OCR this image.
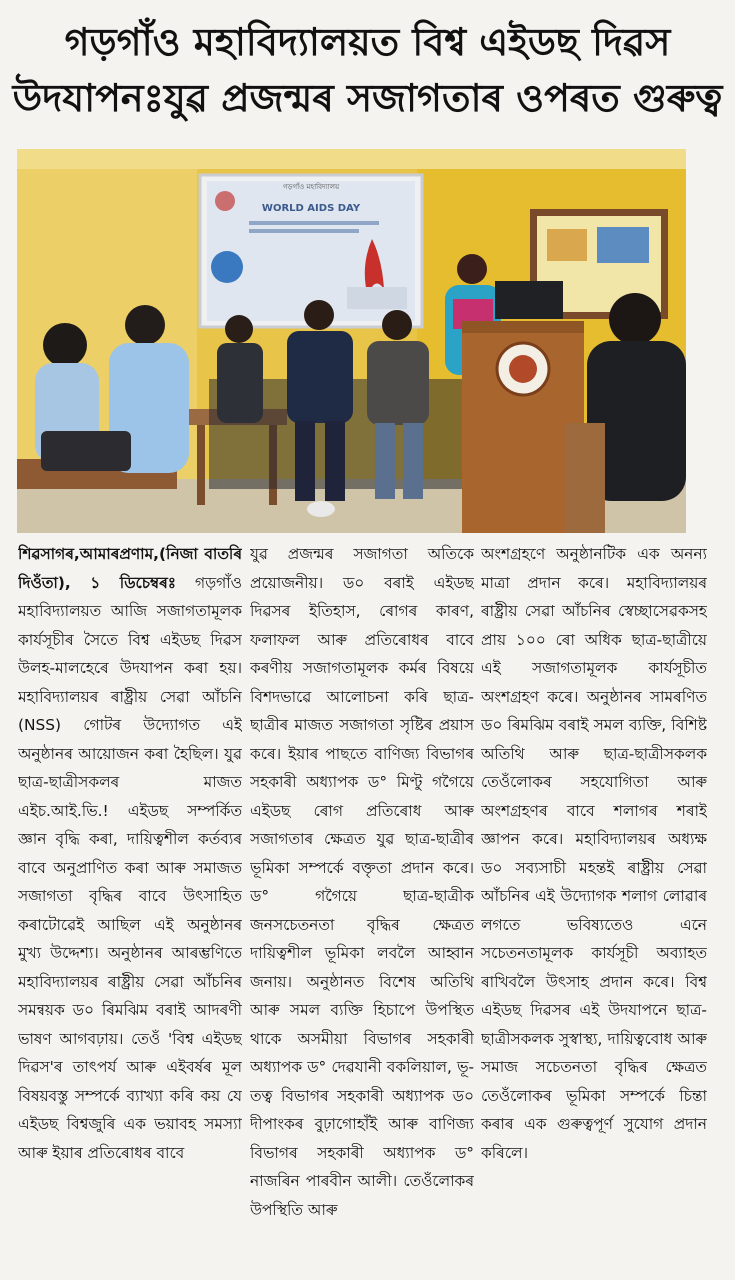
গড়গাঁও মহাবিদ্যালয়ত বিশ্ব এইডছ দিৱস
উদযাপনঃযুৱ প্ৰজন্মৰ সজাগতাৰ ওপৰত গুৰুত্ব
WORLD AIDS DAY
গড়গাঁও মহাবিদ্যালয়

শিৱসাগৰ,আমাৰপ্ৰণাম,(নিজা বাতৰি দিওঁতা), ১ ডিচেম্বৰঃ গড়গাঁও মহাবিদ্যালয়ত আজি সজাগতামূলক কাৰ্যসূচীৰ সৈতে বিশ্ব এইডছ দিৱস উলহ-মালহেৰে উদযাপন কৰা হয়। মহাবিদ্যালয়ৰ ৰাষ্ট্ৰীয় সেৱা আঁচনি (NSS) গোটৰ উদ্যোগত এই অনুষ্ঠানৰ আয়োজন কৰা হৈছিল। যুৱ ছাত্ৰ-ছাত্ৰীসকলৰ মাজত এইচ.আই.ভি.! এইডছ সম্পৰ্কিত জ্ঞান বৃদ্ধি কৰা, দায়িত্বশীল কৰ্তব্যৰ বাবে অনুপ্ৰাণিত কৰা আৰু সমাজত সজাগতা বৃদ্ধিৰ বাবে উৎসাহিত কৰাটোৱেই আছিল এই অনুষ্ঠানৰ মুখ্য উদ্দেশ্য। অনুষ্ঠানৰ আৰম্ভণিতে মহাবিদ্যালয়ৰ ৰাষ্ট্ৰীয় সেৱা আঁচনিৰ সমন্বয়ক ড০ ৰিমঝিম বৰাই আদৰণী ভাষণ আগবঢ়ায়। তেওঁ 'বিশ্ব এইডছ দিৱস'ৰ তাৎপৰ্য আৰু এইবৰ্ষৰ মূল বিষয়বস্তু সম্পৰ্কে ব্যাখ্যা কৰি কয় যে এইডছ বিশ্বজুৰি এক ভয়াবহ সমস্যা আৰু ইয়াৰ প্ৰতিৰোধৰ বাবে

যুৱ প্ৰজন্মৰ সজাগতা অতিকে প্ৰয়োজনীয়। ড০ বৰাই এইডছ দিৱসৰ ইতিহাস, ৰোগৰ কাৰণ, ফলাফল আৰু প্ৰতিৰোধৰ বাবে কৰণীয় সজাগতামূলক কৰ্মৰ বিষয়ে বিশদভাৱে আলোচনা কৰি ছাত্ৰ-ছাত্ৰীৰ মাজত সজাগতা সৃষ্টিৰ প্ৰয়াস কৰে। ইয়াৰ পাছতে বাণিজ্য বিভাগৰ সহকাৰী অধ্যাপক ড° মিণ্টু গগৈয়ে এইডছ ৰোগ প্ৰতিৰোধ আৰু সজাগতাৰ ক্ষেত্ৰত যুৱ ছাত্ৰ-ছাত্ৰীৰ ভূমিকা সম্পৰ্কে বক্তৃতা প্ৰদান কৰে। ড° গগৈয়ে ছাত্ৰ-ছাত্ৰীক জনসচেতনতা বৃদ্ধিৰ ক্ষেত্ৰত দায়িত্বশীল ভূমিকা লবলৈ আহ্বান জনায়। অনুষ্ঠানত বিশেষ অতিথি আৰু সমল ব্যক্তি হিচাপে উপস্থিত থাকে অসমীয়া বিভাগৰ সহকাৰী অধ্যাপক ড° দেৱযানী বকলিয়াল, ভূ-তত্ব বিভাগৰ সহকাৰী অধ্যাপক ড০ দীপাংকৰ বুঢ়াগোহাঁই আৰু বাণিজ্য বিভাগৰ সহকাৰী অধ্যাপক ড° নাজৰিন পাৰবীন আলী। তেওঁলোকৰ উপস্থিতি আৰু

অংশগ্ৰহণে অনুষ্ঠানটিক এক অনন্য মাত্ৰা প্ৰদান কৰে। মহাবিদ্যালয়ৰ ৰাষ্ট্ৰীয় সেৱা আঁচনিৰ স্বেচ্ছাসেৱকসহ প্ৰায় ১০০ ৰো অধিক ছাত্ৰ-ছাত্ৰীয়ে এই সজাগতামূলক কাৰ্যসূচীত অংশগ্ৰহণ কৰে। অনুষ্ঠানৰ সামৰণিত ড০ ৰিমঝিম বৰাই সমল ব্যক্তি, বিশিষ্ট অতিথি আৰু ছাত্ৰ-ছাত্ৰীসকলক তেওঁলোকৰ সহযোগিতা আৰু অংশগ্ৰহণৰ বাবে শলাগৰ শৰাই জ্ঞাপন কৰে। মহাবিদ্যালয়ৰ অধ্যক্ষ ড০ সব্যসাচী মহন্তই ৰাষ্ট্ৰীয় সেৱা আঁচনিৰ এই উদ্যোগক শলাগ লোৱাৰ লগতে ভবিষ্যতেও এনে সচেতনতামূলক কাৰ্যসূচী অব্যাহত ৰাখিবলৈ উৎসাহ প্ৰদান কৰে। বিশ্ব এইডছ দিৱসৰ এই উদযাপনে ছাত্ৰ-ছাত্ৰীসকলক সুস্বাস্থ্য, দায়িত্ববোধ আৰু সমাজ সচেতনতা বৃদ্ধিৰ ক্ষেত্ৰত তেওঁলোকৰ ভূমিকা সম্পৰ্কে চিন্তা কৰাৰ এক গুৰুত্বপূৰ্ণ সুযোগ প্ৰদান কৰিলে।
